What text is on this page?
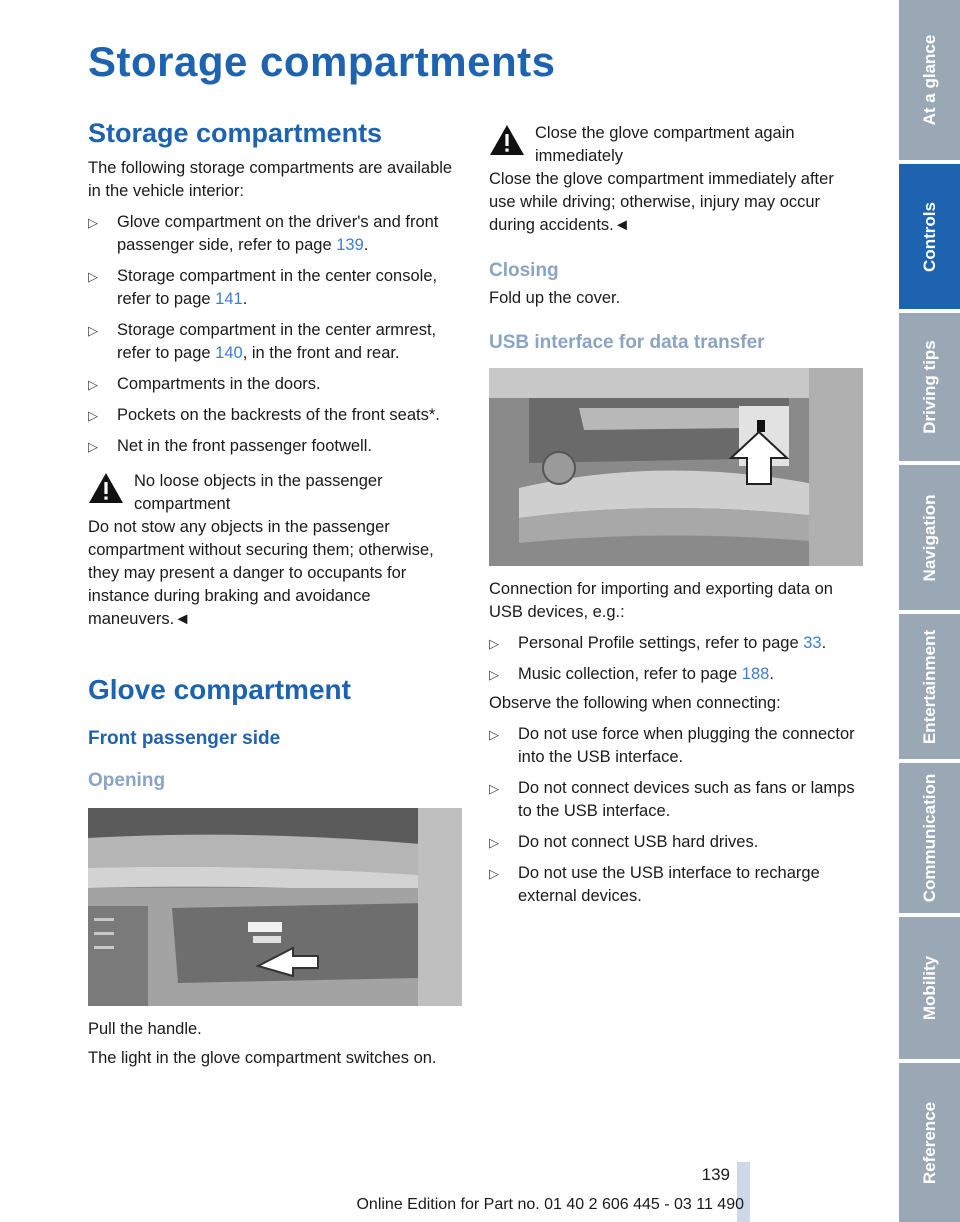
Storage compartments
Storage compartments

The following storage compartments are available in the vehicle interior:

▷ Glove compartment on the driver's and front passenger side, refer to page 139.
▷ Storage compartment in the center console, refer to page 141.
▷ Storage compartment in the center armrest, refer to page 140, in the front and rear.
▷ Compartments in the doors.
▷ Pockets on the backrests of the front seats*.
▷ Net in the front passenger footwell.
No loose objects in the passenger compartment

Do not stow any objects in the passenger compartment without securing them; otherwise, they may present a danger to occupants for instance during braking and avoidance maneuvers.◄

Glove compartment
Front passenger side
Opening

Pull the handle.

The light in the glove compartment switches on.

Close the glove compartment again immediately

Close the glove compartment immediately after use while driving; otherwise, injury may occur during accidents.◄

Closing

Fold up the cover.

USB interface for data transfer

Connection for importing and exporting data on USB devices, e.g.:

▷ Personal Profile settings, refer to page 33.
▷ Music collection, refer to page 188.

Observe the following when connecting:

▷ Do not use force when plugging the connector into the USB interface.
▷ Do not connect devices such as fans or lamps to the USB interface.
▷ Do not connect USB hard drives.
▷ Do not use the USB interface to recharge external devices.
At a glance
Controls
Driving tips
Navigation
Entertainment
Communication
Mobility
Reference
139
Online Edition for Part no. 01 40 2 606 445 - 03 11 490
